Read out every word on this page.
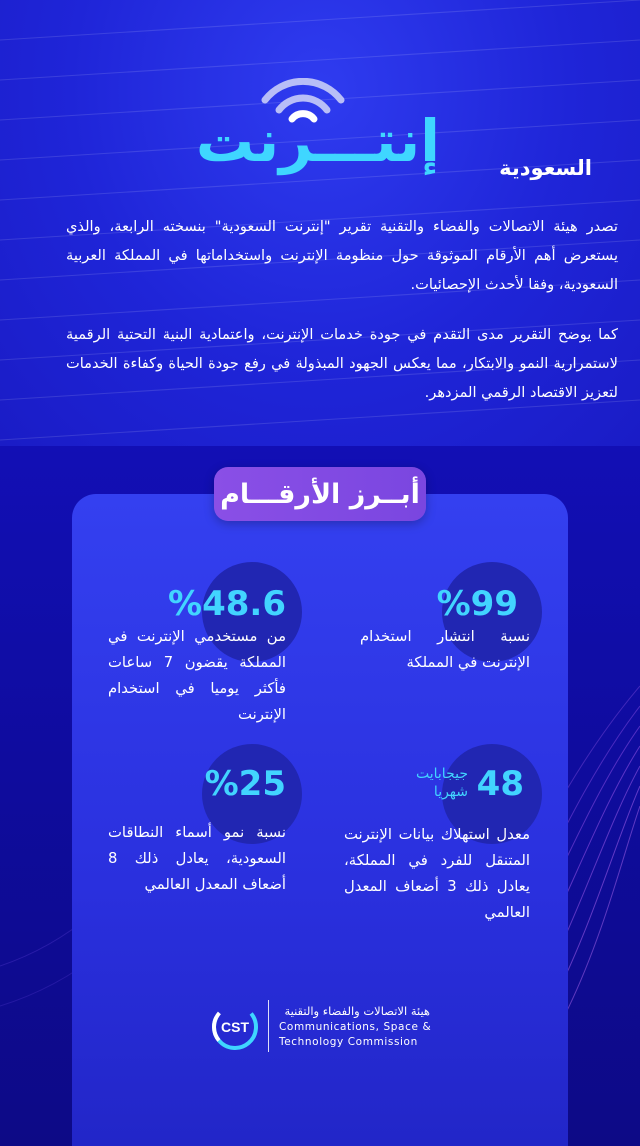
إنتـــرنت	السعودية
تصدر هيئة الاتصالات والفضاء والتقنية تقرير "إنترنت السعودية" بنسخته الرابعة، والذي يستعرض أهم الأرقام الموثوقة حول منظومة الإنترنت واستخداماتها في المملكة العربية السعودية، وفقا لأحدث الإحصائيات.
كما يوضح التقرير مدى التقدم في جودة خدمات الإنترنت، واعتمادية البنية التحتية الرقمية لاستمرارية النمو والابتكار، مما يعكس الجهود المبذولة في رفع جودة الحياة وكفاءة الخدمات لتعزيز الاقتصاد الرقمي المزدهر.
أبــرز الأرقـــام
%99
نسبة انتشار استخدام الإنترنت في المملكة
%48.6
من مستخدمي الإنترنت في المملكة يقضون 7 ساعات فأكثر يوميا في استخدام الإنترنت
48
جيجابايت شهريا
معدل استهلاك بيانات الإنترنت المتنقل للفرد في المملكة، يعادل ذلك 3 أضعاف المعدل العالمي
%25
نسبة نمو أسماء النطاقات السعودية، يعادل ذلك 8 أضعاف المعدل العالمي
CST
هيئة الاتصالات والفضاء والتقنية
Communications, Space & Technology Commission
